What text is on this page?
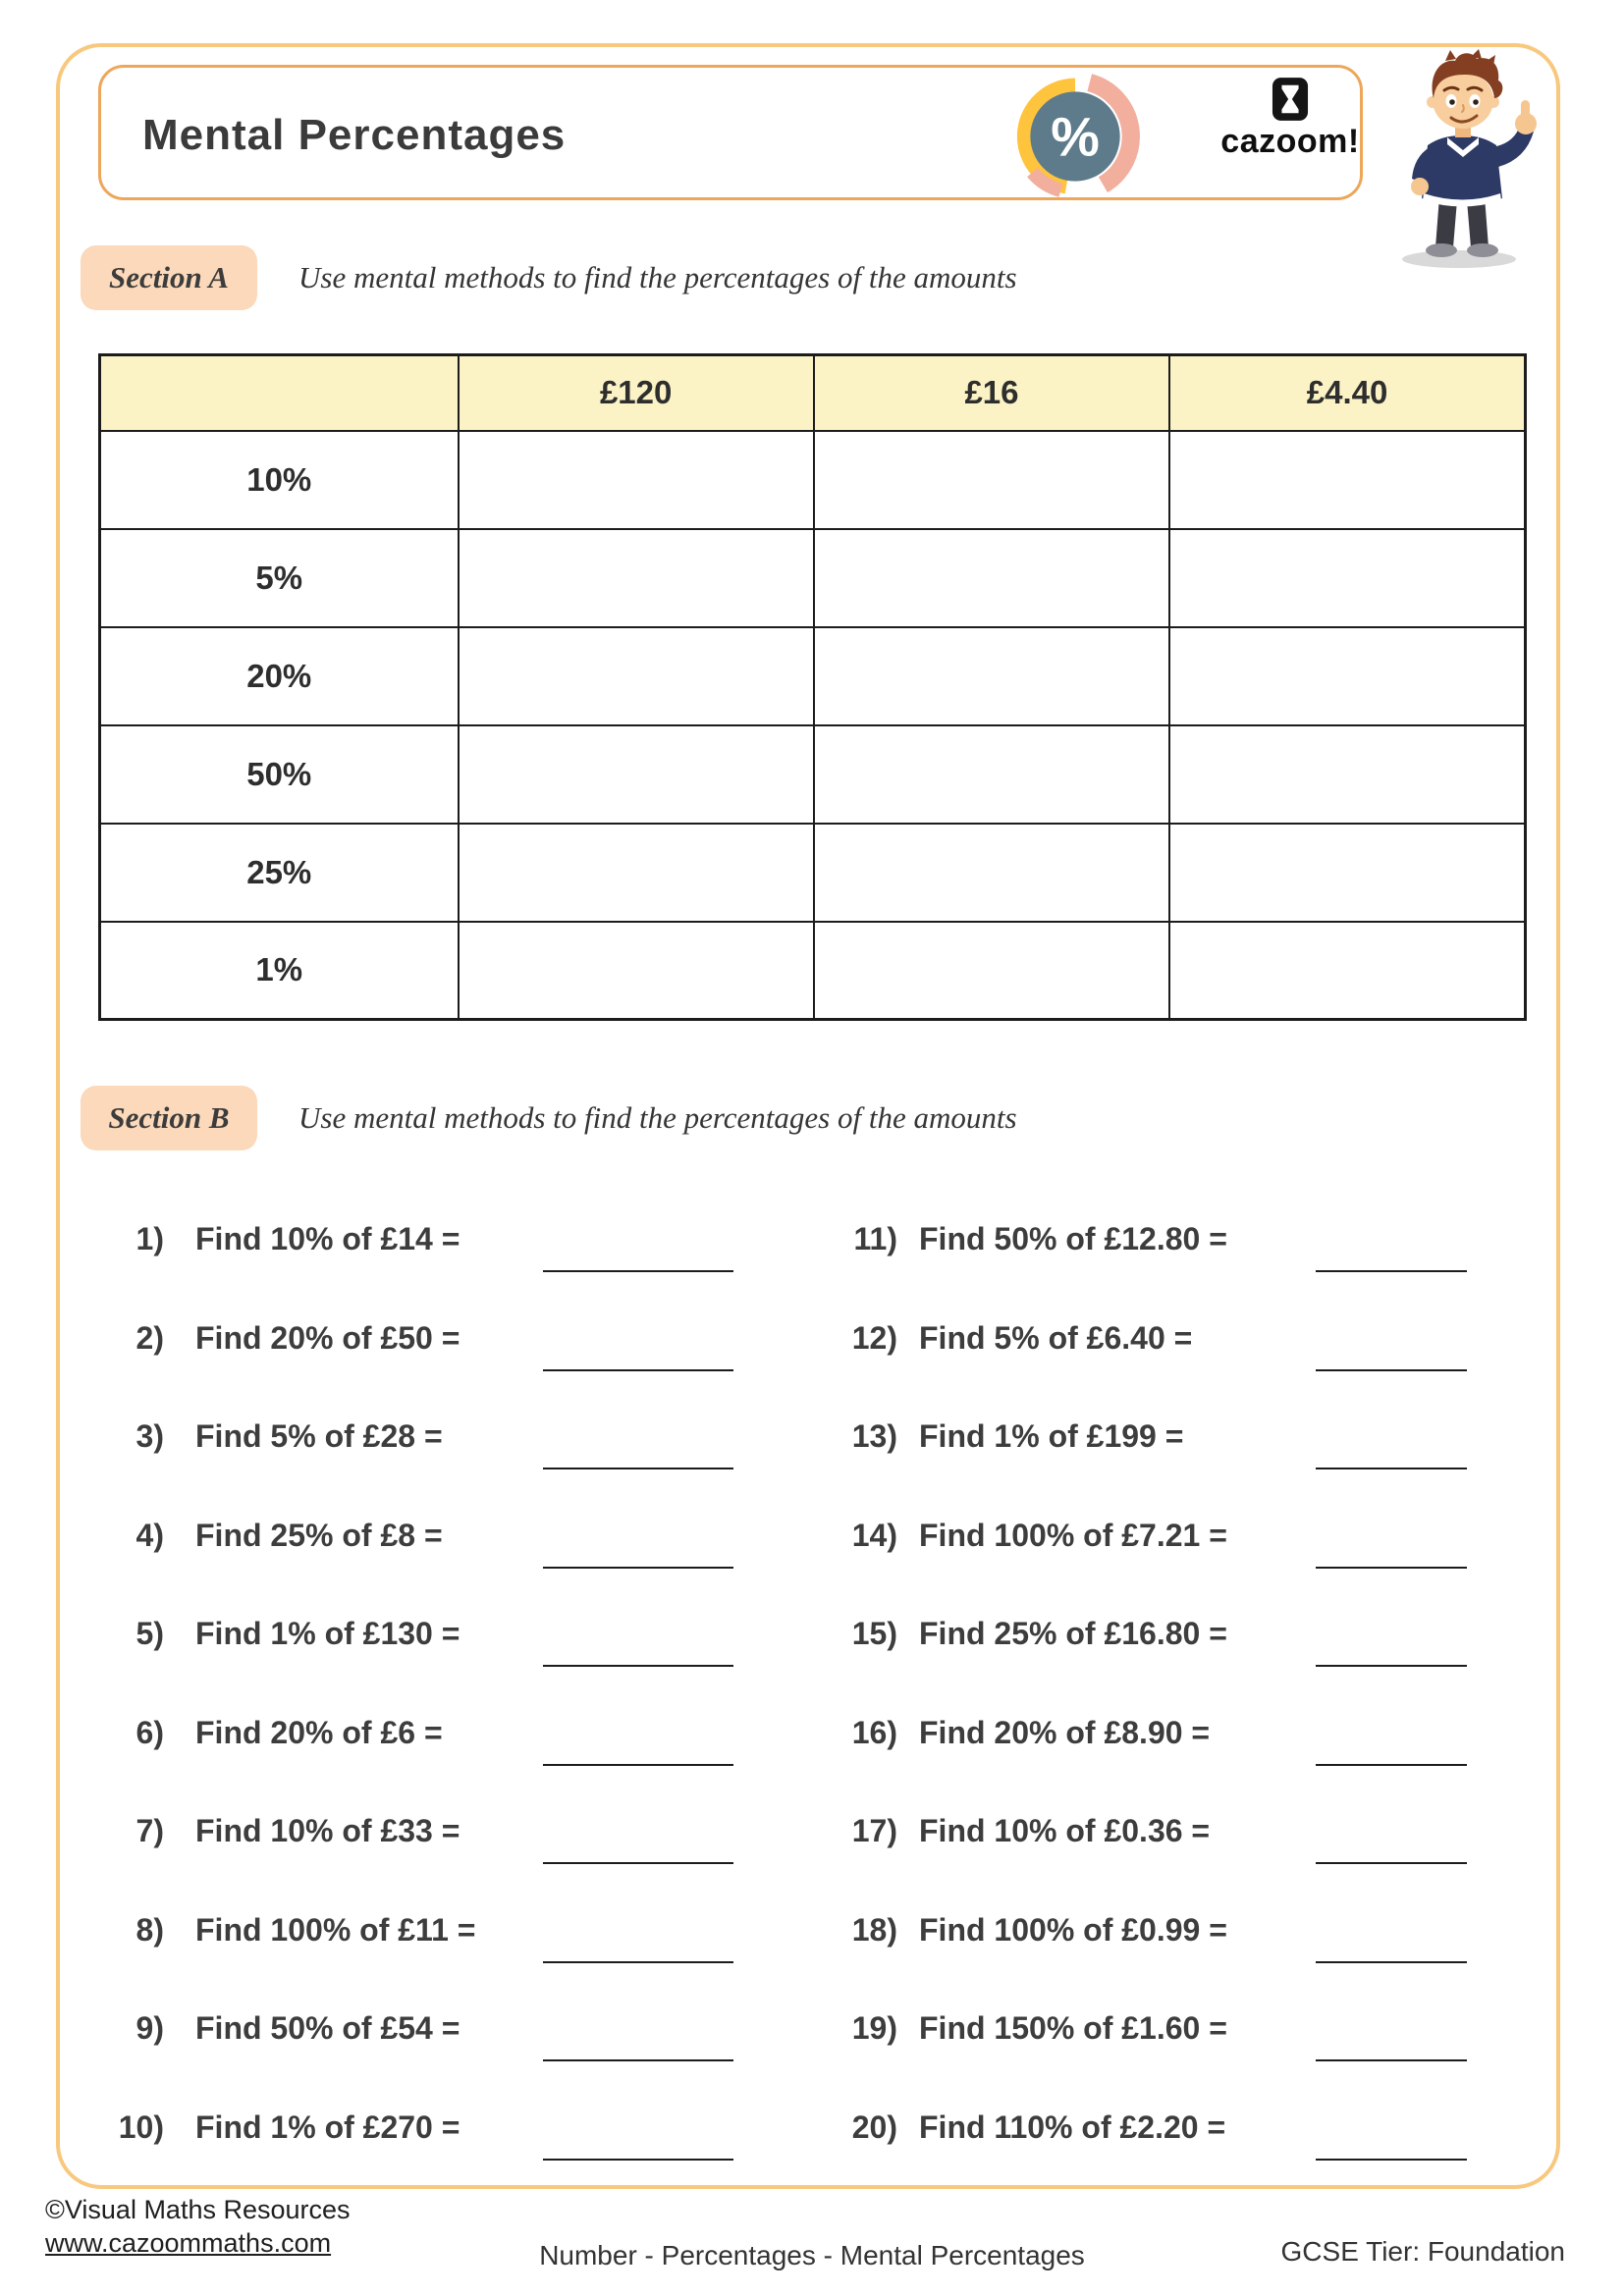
Mental Percentages	%	cazoom!
Section A	Use mental methods to find the percentages of the amounts
	£120	£16	£4.40
10%			
5%			
20%			
50%			
25%			
1%			
Section B	Use mental methods to find the percentages of the amounts
1) Find 10% of £14 =
2) Find 20% of £50 =
3) Find 5% of £28 =
4) Find 25% of £8 =
5) Find 1% of £130 =
6) Find 20% of £6 =
7) Find 10% of £33 =
8) Find 100% of £11 =
9) Find 50% of £54 =
10) Find 1% of £270 =
11) Find 50% of £12.80 =
12) Find 5% of £6.40 =
13) Find 1% of £199 =
14) Find 100% of £7.21 =
15) Find 25% of £16.80 =
16) Find 20% of £8.90 =
17) Find 10% of £0.36 =
18) Find 100% of £0.99 =
19) Find 150% of £1.60 =
20) Find 110% of £2.20 =
©Visual Maths Resources
www.cazoommaths.com	Number - Percentages - Mental Percentages	GCSE Tier: Foundation
